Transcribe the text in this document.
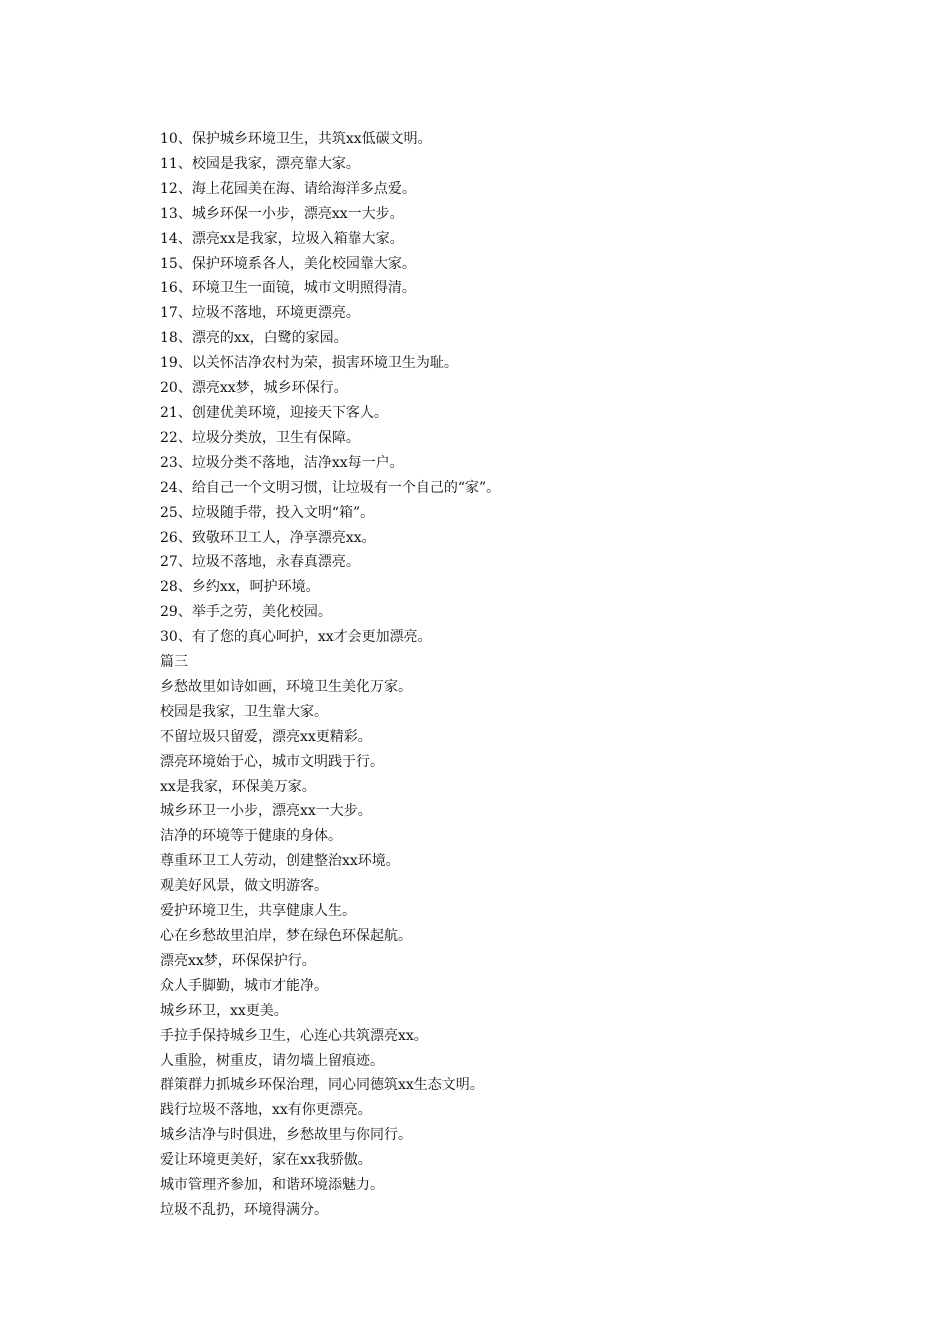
10、保护城乡环境卫生，共筑xx低碳文明。

11、校园是我家，漂亮靠大家。

12、海上花园美在海、请给海洋多点爱。

13、城乡环保一小步，漂亮xx一大步。

14、漂亮xx是我家，垃圾入箱靠大家。

15、保护环境系各人，美化校园靠大家。

16、环境卫生一面镜，城市文明照得清。

17、垃圾不落地，环境更漂亮。

18、漂亮的xx，白鹭的家园。

19、以关怀洁净农村为荣，损害环境卫生为耻。

20、漂亮xx梦，城乡环保行。

21、创建优美环境，迎接天下客人。

22、垃圾分类放，卫生有保障。

23、垃圾分类不落地，洁净xx每一户。

24、给自己一个文明习惯，让垃圾有一个自己的“家”。

25、垃圾随手带，投入文明“箱”。

26、致敬环卫工人，净享漂亮xx。

27、垃圾不落地，永春真漂亮。

28、乡约xx，呵护环境。

29、举手之劳，美化校园。

30、有了您的真心呵护，xx才会更加漂亮。

篇三

乡愁故里如诗如画，环境卫生美化万家。

校园是我家，卫生靠大家。

不留垃圾只留爱，漂亮xx更精彩。

漂亮环境始于心，城市文明践于行。

xx是我家，环保美万家。

城乡环卫一小步，漂亮xx一大步。

洁净的环境等于健康的身体。

尊重环卫工人劳动，创建整治xx环境。

观美好风景，做文明游客。

爱护环境卫生，共享健康人生。

心在乡愁故里泊岸，梦在绿色环保起航。

漂亮xx梦，环保保护行。

众人手脚勤，城市才能净。

城乡环卫，xx更美。

手拉手保持城乡卫生，心连心共筑漂亮xx。

人重脸，树重皮，请勿墙上留痕迹。

群策群力抓城乡环保治理，同心同德筑xx生态文明。

践行垃圾不落地，xx有你更漂亮。

城乡洁净与时俱进，乡愁故里与你同行。

爱让环境更美好，家在xx我骄傲。

城市管理齐参加，和谐环境添魅力。

垃圾不乱扔，环境得满分。
